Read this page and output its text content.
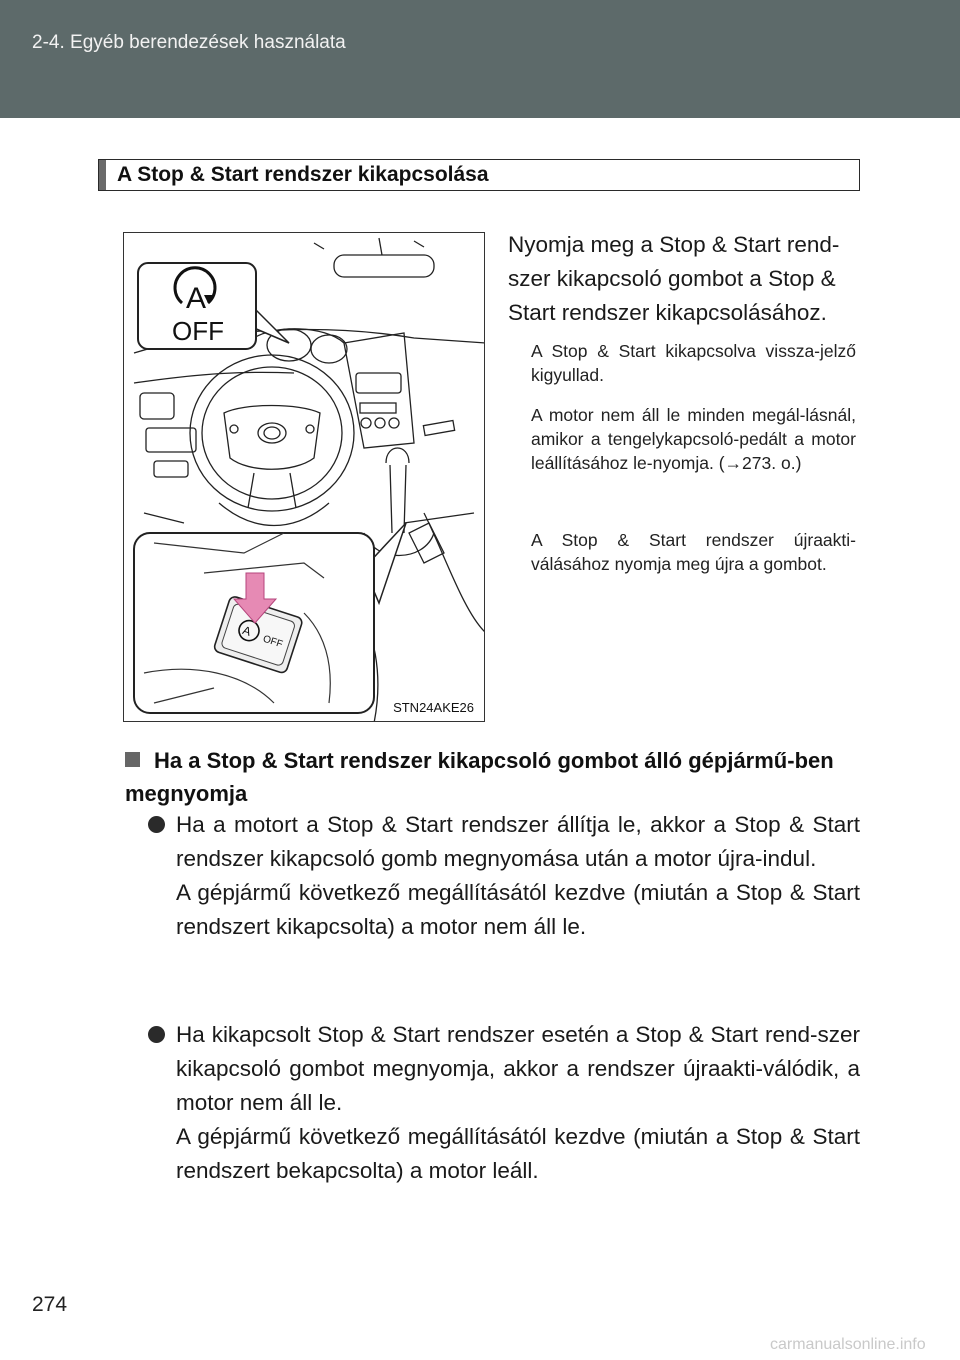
2-4. Egyéb berendezések használata
A Stop & Start rendszer kikapcsolása
A
OFF
A
OFF
STN24AKE26
Nyomja meg a Stop & Start rend-szer kikapcsoló gombot a Stop & Start rendszer kikapcsolásához.
A Stop & Start kikapcsolva vissza-jelző kigyullad.
A motor nem áll le minden megál-lásnál, amikor a tengelykapcsoló-pedált a motor leállításához le-nyomja. (→273. o.)
A Stop & Start rendszer újraakti-válásához nyomja meg újra a gombot.
Ha a Stop & Start rendszer kikapcsoló gombot álló gépjármű-ben megnyomja

Ha a motort a Stop & Start rendszer állítja le, akkor a Stop & Start rendszer kikapcsoló gomb megnyomása után a motor újra-indul.

A gépjármű következő megállításától kezdve (miután a Stop & Start rendszert kikapcsolta) a motor nem áll le.

Ha kikapcsolt Stop & Start rendszer esetén a Stop & Start rend-szer kikapcsoló gombot megnyomja, akkor a rendszer újraakti-válódik, a motor nem áll le.

A gépjármű következő megállításától kezdve (miután a Stop & Start rendszert bekapcsolta) a motor leáll.

274
carmanualsonline.info
